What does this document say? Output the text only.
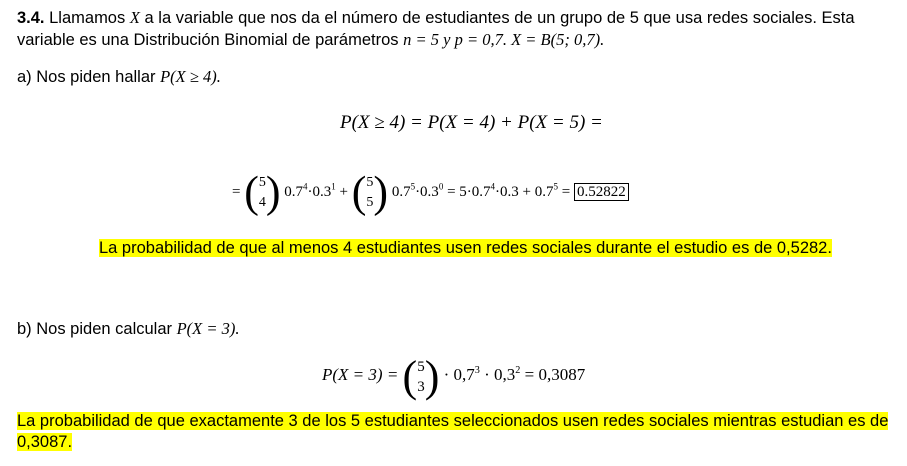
3.4. Llamamos X a la variable que nos da el número de estudiantes de un grupo de 5 que usa redes sociales. Esta
variable es una Distribución Binomial de parámetros n = 5 y p = 0,7. X = B(5; 0,7).
a) Nos piden hallar P(X ≥ 4).
P(X ≥ 4) = P(X = 4) + P(X = 5) =
= (5
4) $0.7^4\cdot 0.3^1 + (5$
5) $0.7^5\cdot 0.3^0 = 5\cdot 0.7^4\cdot 0.3 + 0.7^5 = 0.52822$
La probabilidad de que al menos 4 estudiantes usen redes sociales durante el estudio es de 0,5282.
b) Nos piden calcular P(X = 3).
P(X = 3) = (5
$3) \cdot 0,7^3 \cdot 0,3^2 = 0,3087$
La probabilidad de que exactamente 3 de los 5 estudiantes seleccionados usen redes sociales mientras estudian es de
0,3087.
